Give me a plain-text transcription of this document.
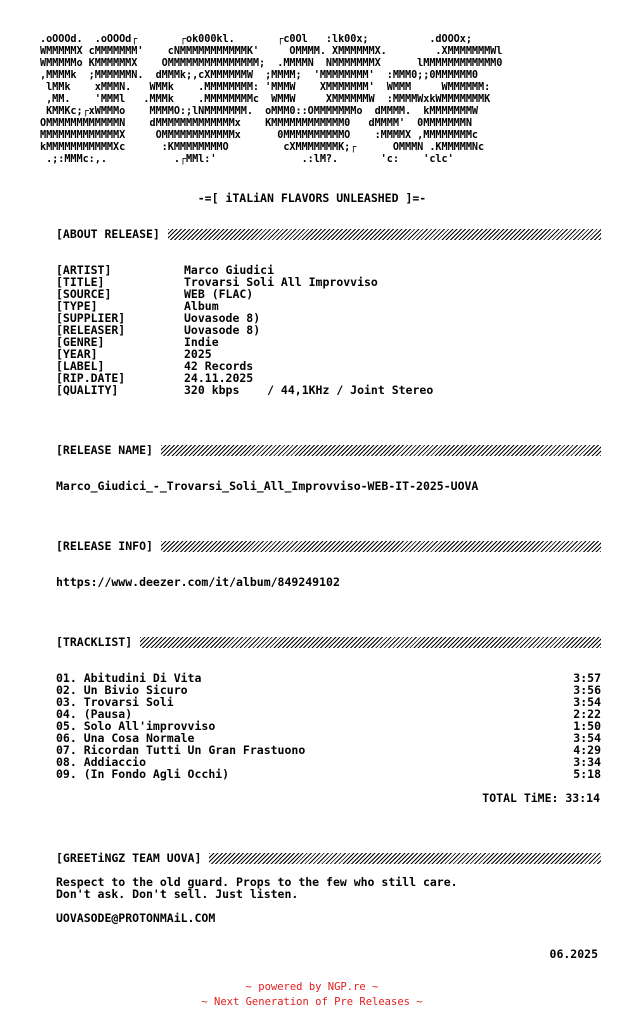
.oOOOd.  .oOOOd┌       ┌ok000kl.       ┌c0Ol   :lk00x;          .dOOOx;
WMMMMMX cMMMMMMM'    cNMMMMMMMMMMMK'     OMMMM. XMMMMMMX.        .XMMMMMMMWl
WMMMMMo KMMMMMMX    OMMMMMMMMMMMMMMM;  .MMMMN  NMMMMMMMX      lMMMMMMMMMMMM0
,MMMMk  ;MMMMMMN.  dMMMk;,cXMMMMMMW  ;MMMM;  'MMMMMMMM'  :MMM0;;0MMMMMM0
lMMk    xMMMN.   WMMk    .MMMMMMMM: 'MMMW    XMMMMMMM'  WMMM     WMMMMMM:
,MM.    'MMMl   .MMMk    .MMMMMMMMc  WMMW     XMMMMMMW  :MMMMWxkWMMMMMMMK
KMMKc;┌xWMMMo    MMMMO:;lNMMMMMMM.  oMMM0::OMMMMMMMo  dMMMM.  kMMMMMMMW
OMMMMMMMMMMMMN    dMMMMMMMMMMMMMx    KMMMMMMMMMMMM0   dMMMM'  0MMMMMMMN
MMMMMMMMMMMMMX     OMMMMMMMMMMMMx      0MMMMMMMMMMO    :MMMMX ,MMMMMMMMc
kMMMMMMMMMMMXc      :KMMMMMMMMO         cXMMMMMMMK;┌      OMMMN .KMMMMMNc
.;:MMMc:,.           .┌MMl:'              .:lM?.       'c:    'clc'
-=[ iTALiAN FLAVORS UNLEASHED ]=-
[ABOUT RELEASE]
[ARTIST]	Marco Giudici
[TITLE]	Trovarsi Soli All Improvviso
[SOURCE]	WEB (FLAC)
[TYPE]	Album
[SUPPLIER]	Uovasode 8)
[RELEASER]	Uovasode 8)
[GENRE]	Indie
[YEAR]	2025
[LABEL]	42 Records
[RIP.DATE]	24.11.2025
[QUALITY]	320 kbps    / 44,1KHz / Joint Stereo
[RELEASE NAME]
Marco_Giudici_-_Trovarsi_Soli_All_Improvviso-WEB-IT-2025-UOVA
[RELEASE INFO]
https://www.deezer.com/it/album/849249102
[TRACKLIST]
01. Abitudini Di Vita	3:57
02. Un Bivio Sicuro	3:56
03. Trovarsi Soli	3:54
04. (Pausa)	2:22
05. Solo All'improvviso	1:50
06. Una Cosa Normale	3:54
07. Ricordan Tutti Un Gran Frastuono	4:29
08. Addiaccio	3:34
09. (In Fondo Agli Occhi)	5:18
TOTAL TiME: 33:14
[GREETiNGZ TEAM UOVA]
Respect to the old guard. Props to the few who still care.
Don't ask. Don't sell. Just listen.
UOVASODE@PROTONMAiL.COM
06.2025
~ powered by NGP.re ~
~ Next Generation of Pre Releases ~
